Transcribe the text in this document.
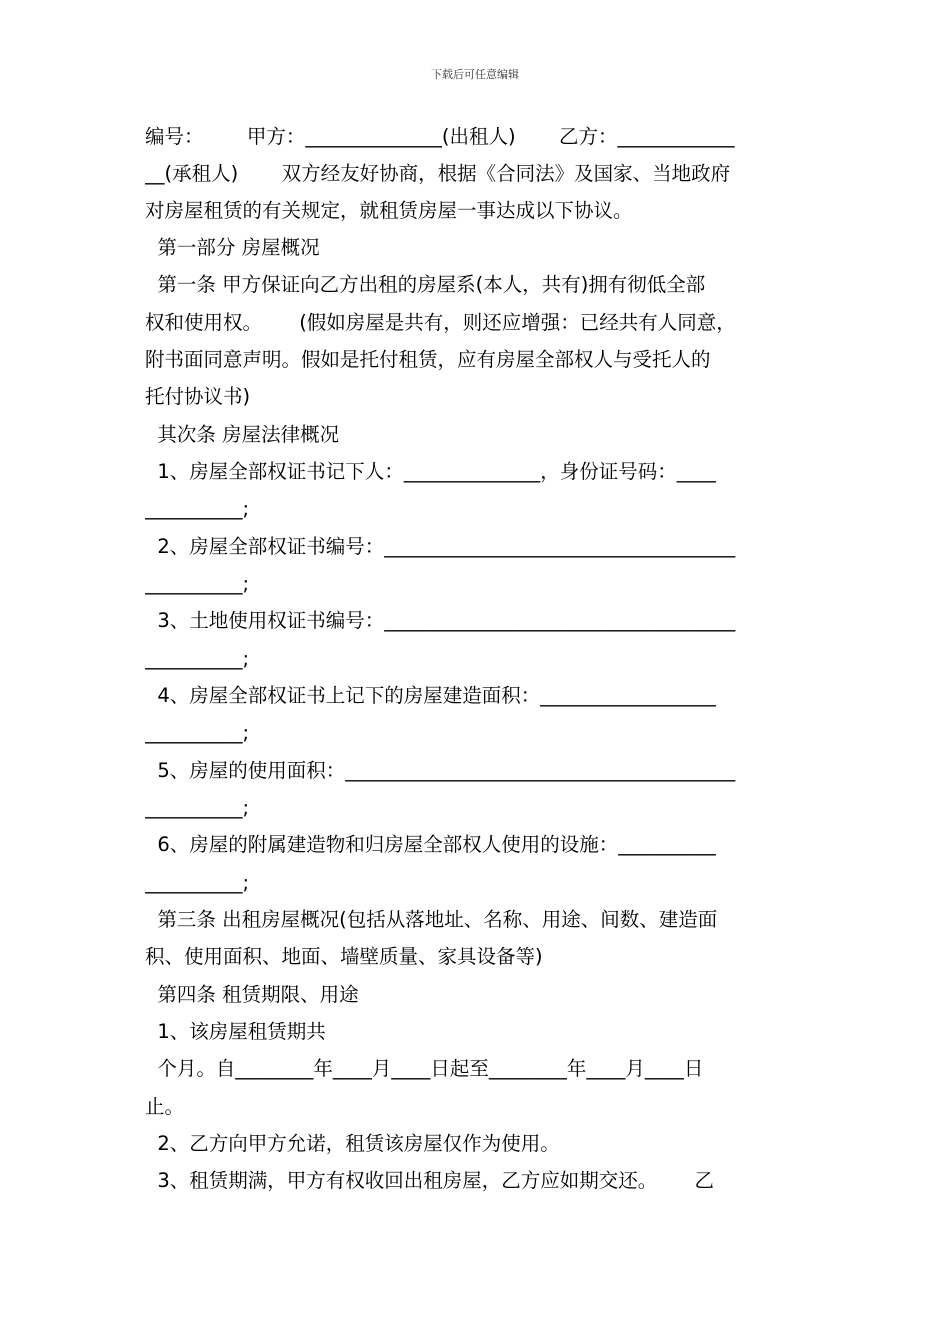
下载后可任意编辑
编号：       甲方：______________(出租人)       乙方：____________
__(承租人)       双方经友好协商，根据《合同法》及国家、当地政府
对房屋租赁的有关规定，就租赁房屋一事达成以下协议。
第一部分 房屋概况
第一条 甲方保证向乙方出租的房屋系(本人，共有)拥有彻低全部
权和使用权。      (假如房屋是共有，则还应增强：已经共有人同意，
附书面同意声明。假如是托付租赁，应有房屋全部权人与受托人的
托付协议书)
其次条 房屋法律概况
1、房屋全部权证书记下人：______________，身份证号码：____
__________;
2、房屋全部权证书编号：____________________________________
__________;
3、土地使用权证书编号：____________________________________
__________;
4、房屋全部权证书上记下的房屋建造面积：__________________
__________;
5、房屋的使用面积：________________________________________
__________;
6、房屋的附属建造物和归房屋全部权人使用的设施：__________
__________;
第三条 出租房屋概况(包括从落地址、名称、用途、间数、建造面
积、使用面积、地面、墙壁质量、家具设备等)
第四条 租赁期限、用途
1、该房屋租赁期共
个月。自________年____月____日起至________年____月____日
止。
2、乙方向甲方允诺，租赁该房屋仅作为使用。
3、租赁期满，甲方有权收回出租房屋，乙方应如期交还。      乙
